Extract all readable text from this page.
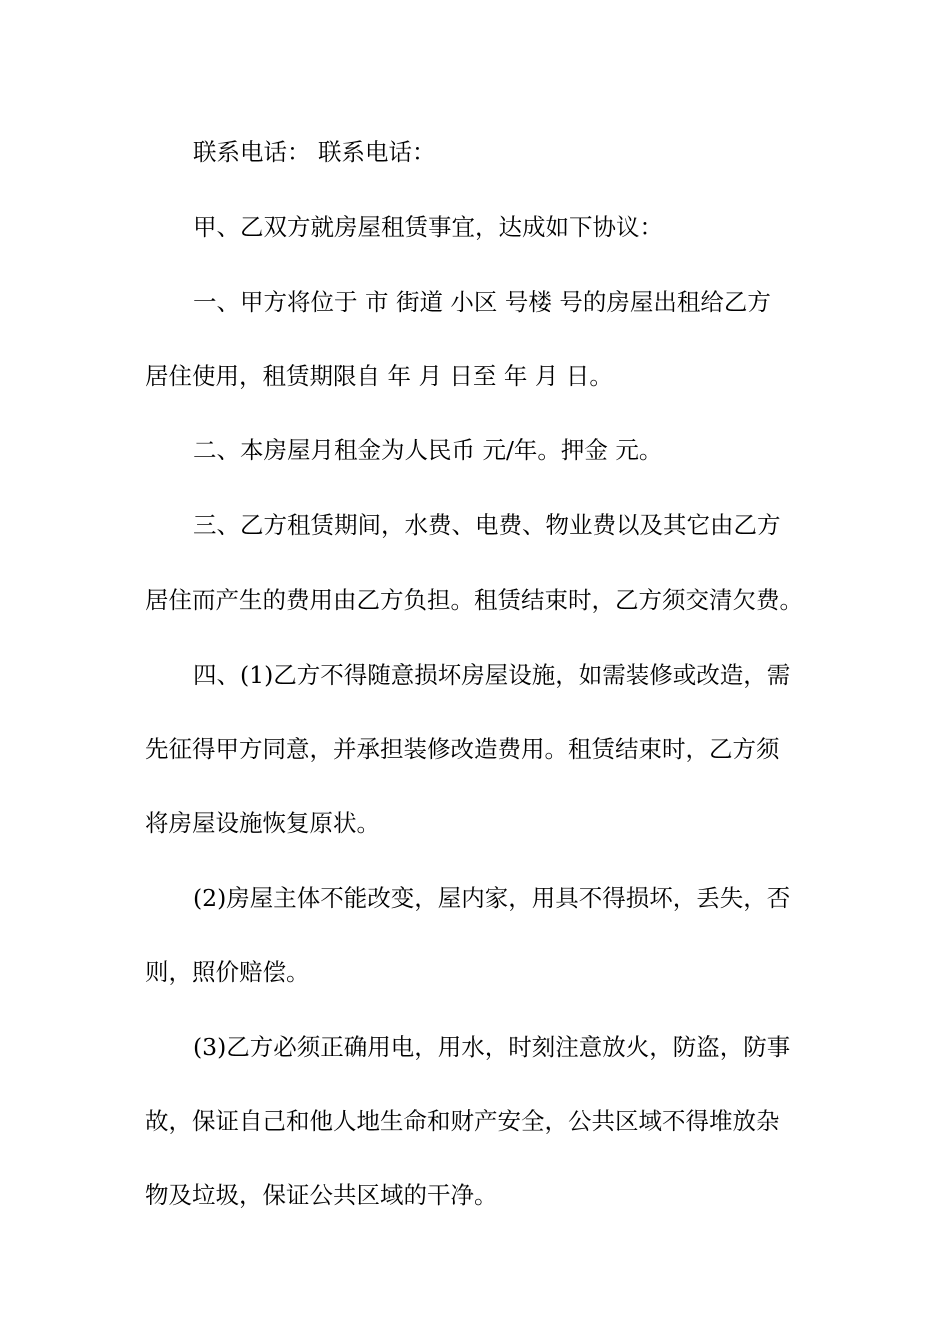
联系电话： 联系电话：
甲、乙双方就房屋租赁事宜，达成如下协议：
一、甲方将位于 市 街道 小区 号楼 号的房屋出租给乙方
居住使用，租赁期限自 年 月 日至 年 月 日。
二、本房屋月租金为人民币 元/年。押金 元。
三、乙方租赁期间，水费、电费、物业费以及其它由乙方
居住而产生的费用由乙方负担。租赁结束时，乙方须交清欠费。
四、(1)乙方不得随意损坏房屋设施，如需装修或改造，需
先征得甲方同意，并承担装修改造费用。租赁结束时，乙方须
将房屋设施恢复原状。
(2)房屋主体不能改变，屋内家，用具不得损坏，丢失，否
则，照价赔偿。
(3)乙方必须正确用电，用水，时刻注意放火，防盗，防事
故，保证自己和他人地生命和财产安全，公共区域不得堆放杂
物及垃圾，保证公共区域的干净。
